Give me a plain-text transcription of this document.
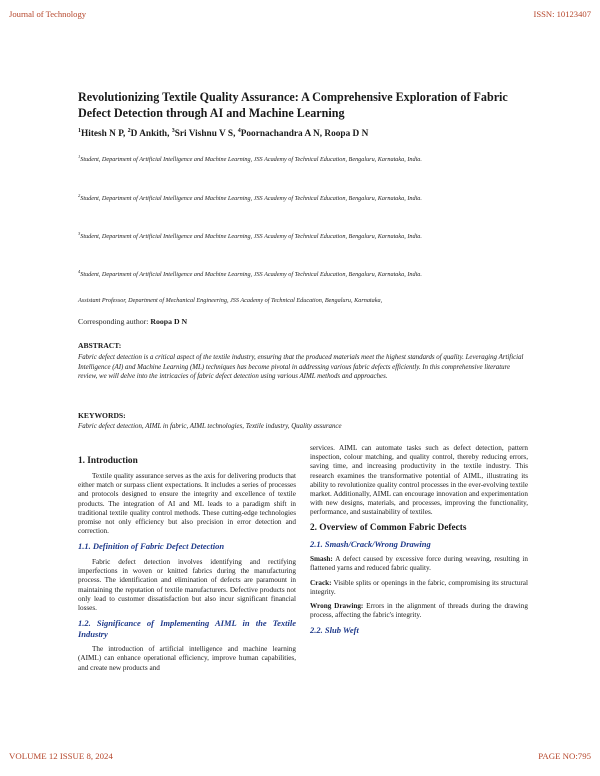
Journal of Technology	ISSN: 10123407
Revolutionizing Textile Quality Assurance: A Comprehensive Exploration of Fabric Defect Detection through AI and Machine Learning
$^1$Hitesh N P, $^2$D Ankith, $^3$Sri Vishnu V S, $^4$Poornachandra A N, Roopa D N
$^1$Student, Department of Artificial Intelligence and Machine Learning, JSS Academy of Technical Education, Bengaluru, Karnataka, India.
$^2$Student, Department of Artificial Intelligence and Machine Learning, JSS Academy of Technical Education, Bengaluru, Karnataka, India.
$^3$Student, Department of Artificial Intelligence and Machine Learning, JSS Academy of Technical Education, Bengaluru, Karnataka, India.
$^4$Student, Department of Artificial Intelligence and Machine Learning, JSS Academy of Technical Education, Bengaluru, Karnataka, India.
Assistant Professor, Department of Mechanical Engineering, JSS Academy of Technical Education, Bengaluru, Karnataka,
Corresponding author: Roopa D N
ABSTRACT:
Fabric defect detection is a critical aspect of the textile industry, ensuring that the produced materials meet the highest standards of quality. Leveraging Artificial Intelligence (AI) and Machine Learning (ML) techniques has become pivotal in addressing various fabric defects efficiently. In this comprehensive literature review, we will delve into the intricacies of fabric defect detection using various AIML methods and approaches.
KEYWORDS:
Fabric defect detection, AIML in fabric, AIML technologies, Textile industry, Quality assurance
1. Introduction

Textile quality assurance serves as the axis for delivering products that either match or surpass client expectations. It includes a series of processes and protocols designed to ensure the integrity and excellence of textile products. The integration of AI and ML leads to a paradigm shift in traditional textile quality control methods. These cutting-edge technologies promise not only efficiency but also precision in error detection and correction.

1.1. Definition of Fabric Defect Detection

Fabric defect detection involves identifying and rectifying imperfections in woven or knitted fabrics during the manufacturing process. The identification and elimination of defects are paramount in maintaining the reputation of textile manufacturers. Defective products not only lead to customer dissatisfaction but also incur significant financial losses.

1.2. Significance of Implementing AIML in the Textile Industry

The introduction of artificial intelligence and machine learning (AIML) can enhance operational efficiency, improve human capabilities, and create new products and

services. AIML can automate tasks such as defect detection, pattern inspection, colour matching, and quality control, thereby reducing errors, saving time, and increasing productivity in the textile industry. This research examines the transformative potential of AIML, illustrating its ability to revolutionize quality control processes in the ever-evolving textile market. Additionally, AIML can encourage innovation and experimentation with new designs, materials, and processes, improving the functionality, performance, and sustainability of textiles.

2. Overview of Common Fabric Defects
2.1. Smash/Crack/Wrong Drawing

Smash: A defect caused by excessive force during weaving, resulting in flattened yarns and reduced fabric quality.

Crack: Visible splits or openings in the fabric, compromising its structural integrity.

Wrong Drawing: Errors in the alignment of threads during the drawing process, affecting the fabric's integrity.

2.2. Slub Weft
VOLUME 12 ISSUE 8, 2024	PAGE NO:795
